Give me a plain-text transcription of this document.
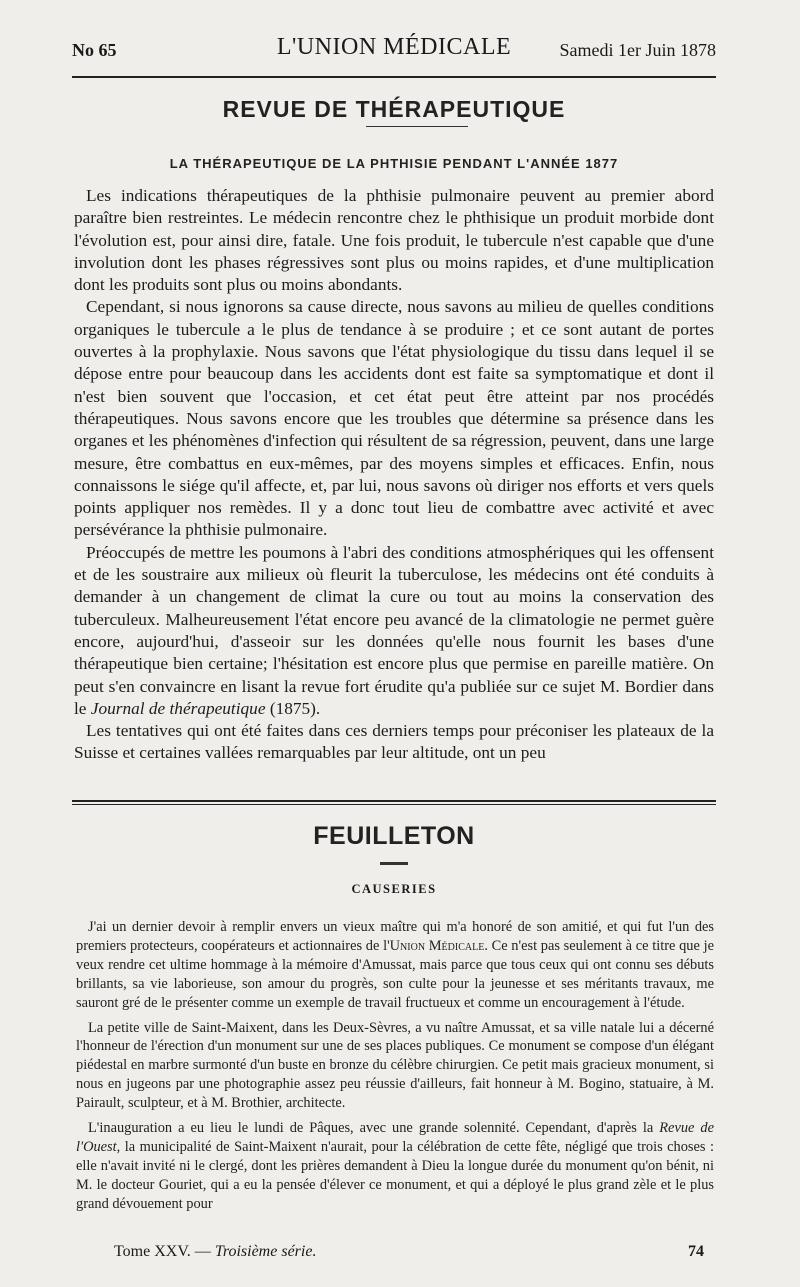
No 65	L'UNION MÉDICALE	Samedi 1er Juin 1878
REVUE DE THÉRAPEUTIQUE
LA THÉRAPEUTIQUE DE LA PHTHISIE PENDANT L'ANNÉE 1877

Les indications thérapeutiques de la phthisie pulmonaire peuvent au premier abord paraître bien restreintes. Le médecin rencontre chez le phthisique un produit morbide dont l'évolution est, pour ainsi dire, fatale. Une fois produit, le tubercule n'est capable que d'une involution dont les phases régressives sont plus ou moins rapides, et d'une multiplication dont les produits sont plus ou moins abondants.

Cependant, si nous ignorons sa cause directe, nous savons au milieu de quelles conditions organiques le tubercule a le plus de tendance à se produire ; et ce sont autant de portes ouvertes à la prophylaxie. Nous savons que l'état physiologique du tissu dans lequel il se dépose entre pour beaucoup dans les accidents dont est faite sa symptomatique et dont il n'est bien souvent que l'occasion, et cet état peut être atteint par nos procédés thérapeutiques. Nous savons encore que les troubles que détermine sa présence dans les organes et les phénomènes d'infection qui résultent de sa régression, peuvent, dans une large mesure, être combattus en eux-mêmes, par des moyens simples et efficaces. Enfin, nous connaissons le siége qu'il affecte, et, par lui, nous savons où diriger nos efforts et vers quels points appliquer nos remèdes. Il y a donc tout lieu de combattre avec activité et avec persévérance la phthisie pulmonaire.

Préoccupés de mettre les poumons à l'abri des conditions atmosphériques qui les offensent et de les soustraire aux milieux où fleurit la tuberculose, les médecins ont été conduits à demander à un changement de climat la cure ou tout au moins la conservation des tuberculeux. Malheureusement l'état encore peu avancé de la climatologie ne permet guère encore, aujourd'hui, d'asseoir sur les données qu'elle nous fournit les bases d'une thérapeutique bien certaine; l'hésitation est encore plus que permise en pareille matière. On peut s'en convaincre en lisant la revue fort érudite qu'a publiée sur ce sujet M. Bordier dans le Journal de thérapeutique (1875).

Les tentatives qui ont été faites dans ces derniers temps pour préconiser les plateaux de la Suisse et certaines vallées remarquables par leur altitude, ont un peu

FEUILLETON
CAUSERIES

J'ai un dernier devoir à remplir envers un vieux maître qui m'a honoré de son amitié, et qui fut l'un des premiers protecteurs, coopérateurs et actionnaires de l'Union Médicale. Ce n'est pas seulement à ce titre que je veux rendre cet ultime hommage à la mémoire d'Amussat, mais parce que tous ceux qui ont connu ses débuts brillants, sa vie laborieuse, son amour du progrès, son culte pour la jeunesse et ses méritants travaux, me sauront gré de le présenter comme un exemple de travail fructueux et comme un encouragement à l'étude.

La petite ville de Saint-Maixent, dans les Deux-Sèvres, a vu naître Amussat, et sa ville natale lui a décerné l'honneur de l'érection d'un monument sur une de ses places publiques. Ce monument se compose d'un élégant piédestal en marbre surmonté d'un buste en bronze du célèbre chirurgien. Ce petit mais gracieux monument, si nous en jugeons par une photographie assez peu réussie d'ailleurs, fait honneur à M. Bogino, statuaire, à M. Pairault, sculpteur, et à M. Brothier, architecte.

L'inauguration a eu lieu le lundi de Pâques, avec une grande solennité. Cependant, d'après la Revue de l'Ouest, la municipalité de Saint-Maixent n'aurait, pour la célébration de cette fête, négligé que trois choses : elle n'avait invité ni le clergé, dont les prières demandent à Dieu la longue durée du monument qu'on bénit, ni M. le docteur Gouriet, qui a eu la pensée d'élever ce monument, et qui a déployé le plus grand zèle et le plus grand dévouement pour

Tome XXV. — Troisième série.	74
